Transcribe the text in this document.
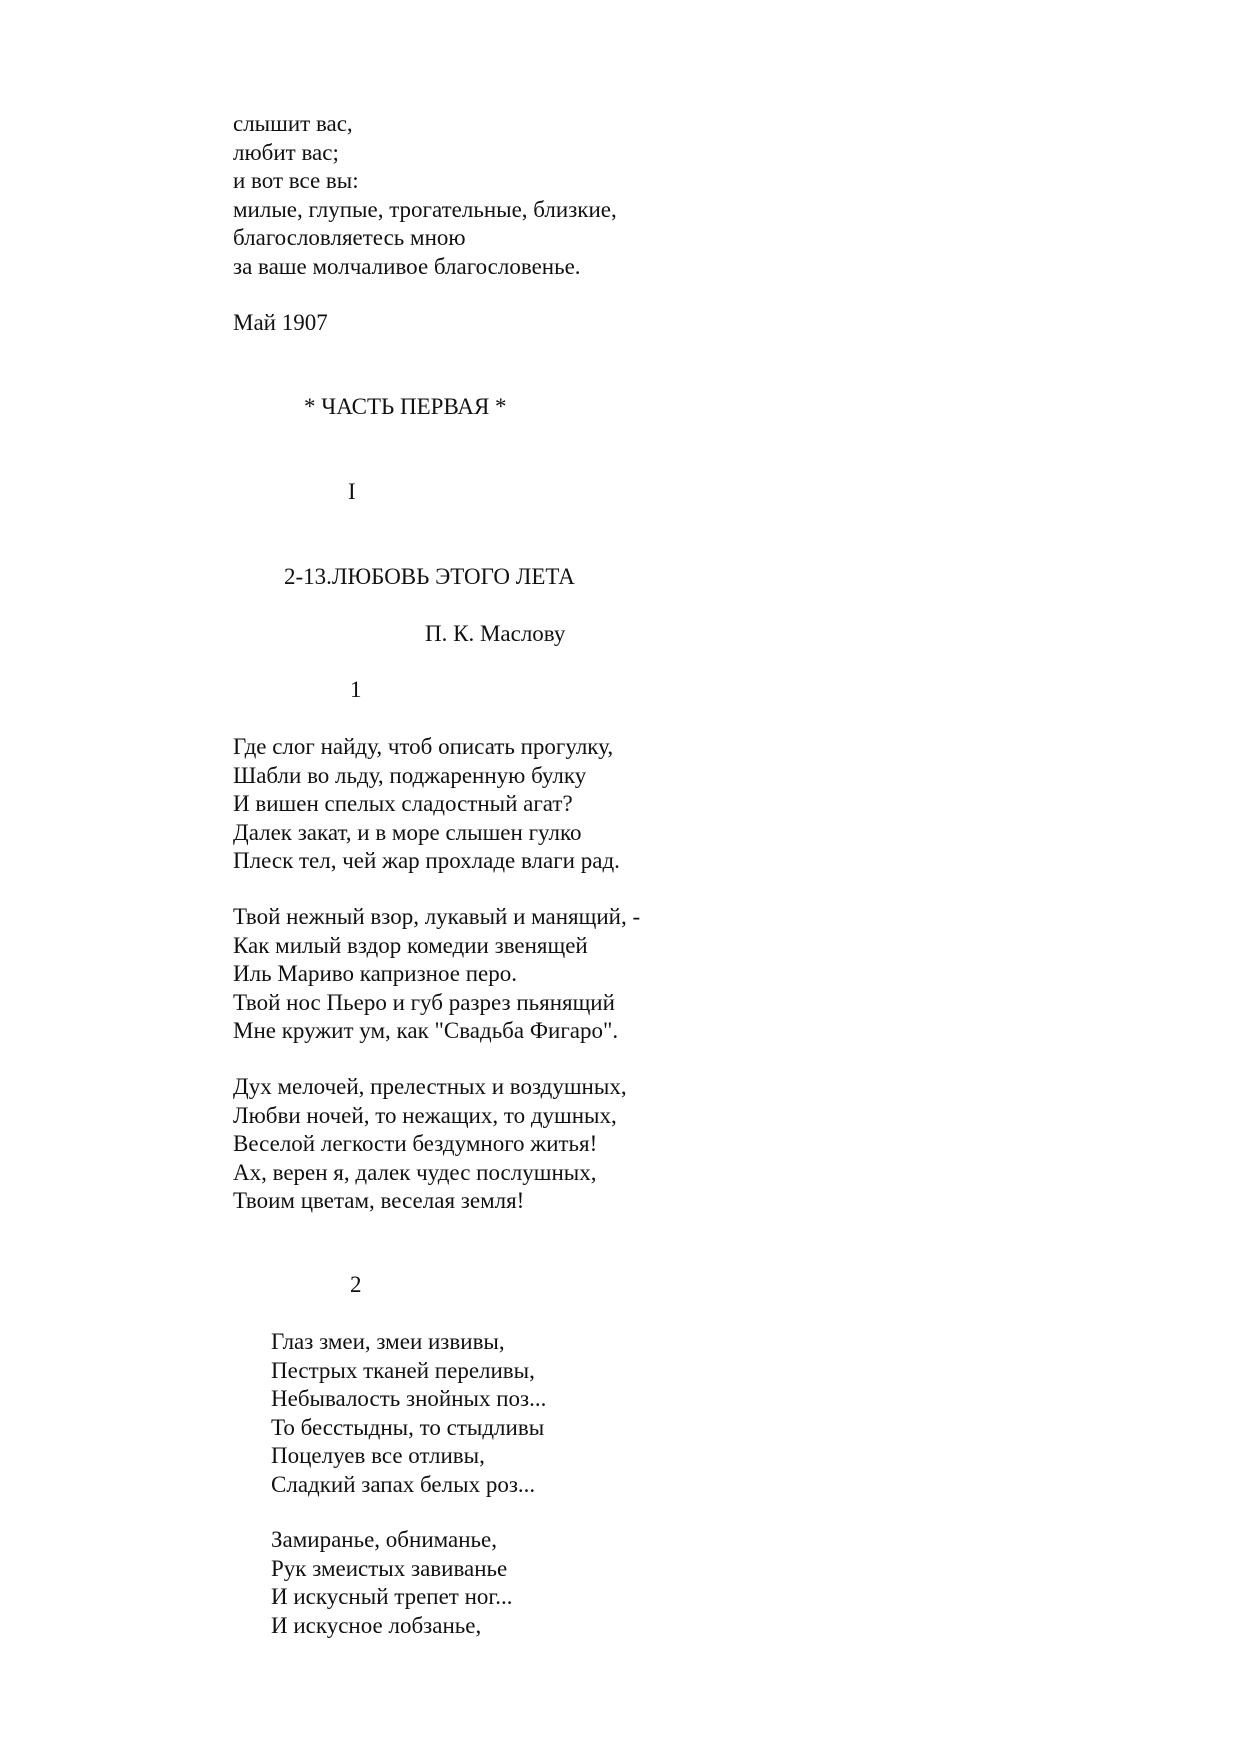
слышит вас,
любит вас;
и вот все вы:
милые, глупые, трогательные, близкие,
благословляетесь мною
за ваше молчаливое благословенье.
Май 1907
* ЧАСТЬ ПЕРВАЯ *
I
2-13.ЛЮБОВЬ ЭТОГО ЛЕТА
П. К. Маслову
1
Где слог найду, чтоб описать прогулку,
Шабли во льду, поджаренную булку
И вишен спелых сладостный агат?
Далек закат, и в море слышен гулко
Плеск тел, чей жар прохладе влаги рад.
Твой нежный взор, лукавый и манящий, -
Как милый вздор комедии звенящей
Иль Мариво капризное перо.
Твой нос Пьеро и губ разрез пьянящий
Мне кружит ум, как "Свадьба Фигаро".
Дух мелочей, прелестных и воздушных,
Любви ночей, то нежащих, то душных,
Веселой легкости бездумного житья!
Ах, верен я, далек чудес послушных,
Твоим цветам, веселая земля!
2
Глаз змеи, змеи извивы,
Пестрых тканей переливы,
Небывалость знойных поз...
То бесстыдны, то стыдливы
Поцелуев все отливы,
Сладкий запах белых роз...
Замиранье, обниманье,
Рук змеистых завиванье
И искусный трепет ног...
И искусное лобзанье,
